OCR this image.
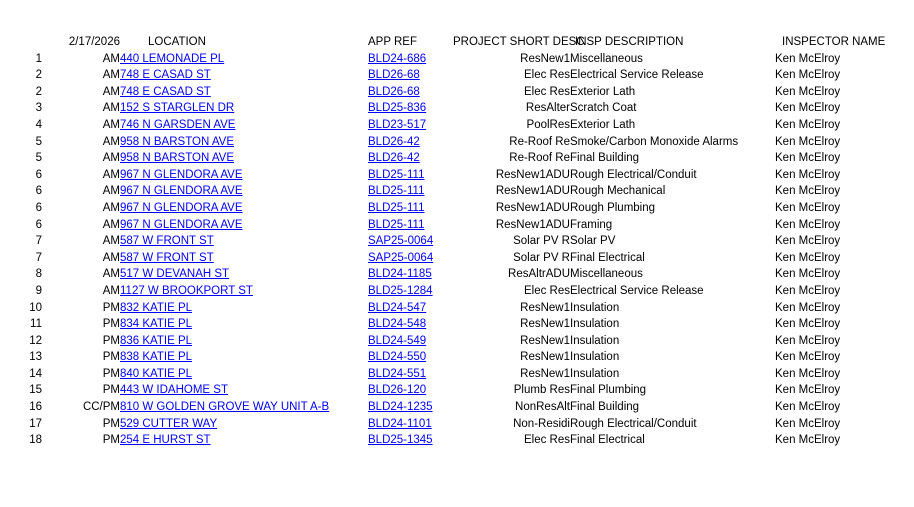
	2/17/2026	LOCATION	APP REF	PROJECT SHORT DESC	INSP DESCRIPTION	INSPECTOR NAME
1	AM	440 LEMONADE PL	BLD24-686	ResNew1	Miscellaneous	Ken McElroy
2	AM	748 E CASAD ST	BLD26-68	Elec Res	Electrical Service Release	Ken McElroy
2	AM	748 E CASAD ST	BLD26-68	Elec Res	Exterior Lath	Ken McElroy
3	AM	152 S STARGLEN DR	BLD25-836	ResAlter	Scratch Coat	Ken McElroy
4	AM	746 N GARSDEN AVE	BLD23-517	PoolRes	Exterior Lath	Ken McElroy
5	AM	958 N BARSTON AVE	BLD26-42	Re-Roof Re	Smoke/Carbon Monoxide Alarms	Ken McElroy
5	AM	958 N BARSTON AVE	BLD26-42	Re-Roof Re	Final Building	Ken McElroy
6	AM	967 N GLENDORA AVE	BLD25-111	ResNew1ADU	Rough Electrical/Conduit	Ken McElroy
6	AM	967 N GLENDORA AVE	BLD25-111	ResNew1ADU	Rough Mechanical	Ken McElroy
6	AM	967 N GLENDORA AVE	BLD25-111	ResNew1ADU	Rough Plumbing	Ken McElroy
6	AM	967 N GLENDORA AVE	BLD25-111	ResNew1ADU	Framing	Ken McElroy
7	AM	587 W FRONT ST	SAP25-0064	Solar PV R	Solar PV	Ken McElroy
7	AM	587 W FRONT ST	SAP25-0064	Solar PV R	Final Electrical	Ken McElroy
8	AM	517 W DEVANAH ST	BLD24-1185	ResAltrADU	Miscellaneous	Ken McElroy
9	AM	1127 W BROOKPORT ST	BLD25-1284	Elec Res	Electrical Service Release	Ken McElroy
10	PM	832 KATIE PL	BLD24-547	ResNew1	Insulation	Ken McElroy
11	PM	834 KATIE PL	BLD24-548	ResNew1	Insulation	Ken McElroy
12	PM	836 KATIE PL	BLD24-549	ResNew1	Insulation	Ken McElroy
13	PM	838 KATIE PL	BLD24-550	ResNew1	Insulation	Ken McElroy
14	PM	840 KATIE PL	BLD24-551	ResNew1	Insulation	Ken McElroy
15	PM	443 W IDAHOME ST	BLD26-120	Plumb Res	Final Plumbing	Ken McElroy
16	CC/PM	810 W GOLDEN GROVE WAY UNIT A-B	BLD24-1235	NonResAlt	Final Building	Ken McElroy
17	PM	529 CUTTER WAY	BLD24-1101	Non-Residi	Rough Electrical/Conduit	Ken McElroy
18	PM	254 E HURST ST	BLD25-1345	Elec Res	Final Electrical	Ken McElroy
